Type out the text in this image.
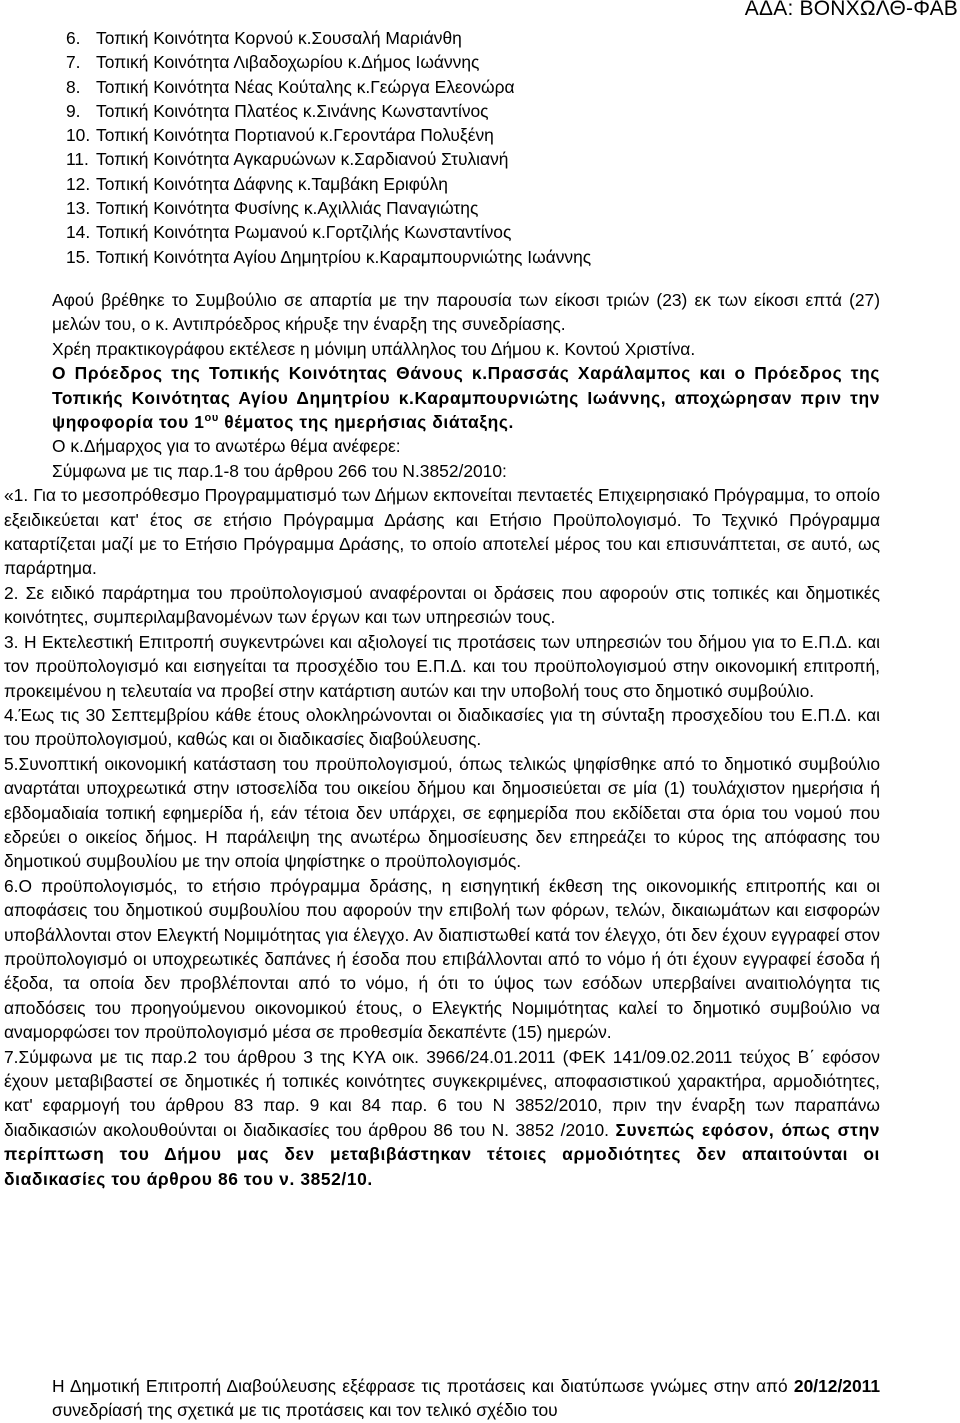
ΑΔΑ: ΒΟΝΧΩΛΘ-ΦΑΒ
6. Τοπική Κοινότητα Κορνού κ.Σουσαλή Μαριάνθη
7. Τοπική Κοινότητα Λιβαδοχωρίου κ.Δήμος Ιωάννης
8. Τοπική Κοινότητα Νέας Κούταλης κ.Γεώργα Ελεονώρα
9. Τοπική Κοινότητα Πλατέος κ.Σινάνης Κωνσταντίνος
10. Τοπική Κοινότητα Πορτιανού κ.Γεροντάρα Πολυξένη
11. Τοπική Κοινότητα Αγκαρυώνων κ.Σαρδιανού Στυλιανή
12. Τοπική Κοινότητα Δάφνης κ.Ταμβάκη Εριφύλη
13. Τοπική Κοινότητα Φυσίνης κ.Αχιλλιάς Παναγιώτης
14. Τοπική Κοινότητα Ρωμανού κ.Γορτζιλής Κωνσταντίνος
15. Τοπική Κοινότητα Αγίου Δημητρίου κ.Καραμπουρνιώτης Ιωάννης

Αφού βρέθηκε το Συμβούλιο σε απαρτία με την παρουσία των είκοσι τριών (23) εκ των είκοσι επτά (27) μελών του, ο κ. Αντιπρόεδρος κήρυξε την έναρξη της συνεδρίασης.

Χρέη πρακτικογράφου εκτέλεσε η μόνιμη υπάλληλος του Δήμου κ. Κοντού Χριστίνα.

Ο Πρόεδρος της Τοπικής Κοινότητας Θάνους κ.Πρασσάς Χαράλαμπος και ο Πρόεδρος της Τοπικής Κοινότητας Αγίου Δημητρίου κ.Καραμπουρνιώτης Ιωάννης, αποχώρησαν πριν την ψηφοφορία του $1^{o\upsilon}$ θέματος της ημερήσιας διάταξης.

Ο κ.Δήμαρχος για το ανωτέρω θέμα ανέφερε:

Σύμφωνα με τις παρ.1-8 του άρθρου 266 του Ν.3852/2010:

«1. Για το μεσοπρόθεσμο Προγραμματισμό των Δήμων εκπονείται πενταετές Επιχειρησιακό Πρόγραμμα, το οποίο εξειδικεύεται κατ' έτος σε ετήσιο Πρόγραμμα Δράσης και Ετήσιο Προϋπολογισμό. Το Τεχνικό Πρόγραμμα καταρτίζεται μαζί με το Ετήσιο Πρόγραμμα Δράσης, το οποίο αποτελεί μέρος του και επισυνάπτεται, σε αυτό, ως παράρτημα.

2. Σε ειδικό παράρτημα του προϋπολογισμού αναφέρονται οι δράσεις που αφορούν στις τοπικές και δημοτικές κοινότητες, συμπεριλαμβανομένων των έργων και των υπηρεσιών τους.

3. Η Εκτελεστική Επιτροπή συγκεντρώνει και αξιολογεί τις προτάσεις των υπηρεσιών του δήμου για το Ε.Π.Δ. και τον προϋπολογισμό και εισηγείται τα προσχέδιο του Ε.Π.Δ. και του προϋπολογισμού στην οικονομική επιτροπή, προκειμένου η τελευταία να προβεί στην κατάρτιση αυτών και την υποβολή τους στο δημοτικό συμβούλιο.

4.Έως τις 30 Σεπτεμβρίου κάθε έτους ολοκληρώνονται οι διαδικασίες για τη σύνταξη προσχεδίου του Ε.Π.Δ. και του προϋπολογισμού, καθώς και οι διαδικασίες διαβούλευσης.

5.Συνοπτική οικονομική κατάσταση του προϋπολογισμού, όπως τελικώς ψηφίσθηκε από το δημοτικό συμβούλιο αναρτάται υποχρεωτικά στην ιστοσελίδα του οικείου δήμου και δημοσιεύεται σε μία (1) τουλάχιστον ημερήσια ή εβδομαδιαία τοπική εφημερίδα ή, εάν τέτοια δεν υπάρχει, σε εφημερίδα που εκδίδεται στα όρια του νομού που εδρεύει ο οικείος δήμος. Η παράλειψη της ανωτέρω δημοσίευσης δεν επηρεάζει το κύρος της απόφασης του δημοτικού συμβουλίου με την οποία ψηφίστηκε ο προϋπολογισμός.

6.Ο προϋπολογισμός, το ετήσιο πρόγραμμα δράσης, η εισηγητική έκθεση της οικονομικής επιτροπής και οι αποφάσεις του δημοτικού συμβουλίου που αφορούν την επιβολή των φόρων, τελών, δικαιωμάτων και εισφορών υποβάλλονται στον Ελεγκτή Νομιμότητας για έλεγχο. Αν διαπιστωθεί κατά τον έλεγχο, ότι δεν έχουν εγγραφεί στον προϋπολογισμό οι υποχρεωτικές δαπάνες ή έσοδα που επιβάλλονται από το νόμο ή ότι έχουν εγγραφεί έσοδα ή έξοδα, τα οποία δεν προβλέπονται από το νόμο, ή ότι το ύψος των εσόδων υπερβαίνει αναιτιολόγητα τις αποδόσεις του προηγούμενου οικονομικού έτους, ο Ελεγκτής Νομιμότητας καλεί το δημοτικό συμβούλιο να αναμορφώσει τον προϋπολογισμό μέσα σε προθεσμία δεκαπέντε (15) ημερών.

7.Σύμφωνα με τις παρ.2 του άρθρου 3 της ΚΥΑ οικ. 3966/24.01.2011 (ΦΕΚ 141/09.02.2011 τεύχος Β΄ εφόσον έχουν μεταβιβαστεί σε δημοτικές ή τοπικές κοινότητες συγκεκριμένες, αποφασιστικού χαρακτήρα, αρμοδιότητες, κατ' εφαρμογή του άρθρου 83 παρ. 9 και 84 παρ. 6 του Ν 3852/2010, πριν την έναρξη των παραπάνω διαδικασιών ακολουθούνται οι διαδικασίες του άρθρου 86 του Ν. 3852 /2010. Συνεπώς εφόσον, όπως στην περίπτωση του Δήμου μας δεν μεταβιβάστηκαν τέτοιες αρμοδιότητες δεν απαιτούνται οι διαδικασίες του άρθρου 86 του ν. 3852/10.

Η Δημοτική Επιτροπή Διαβούλευσης εξέφρασε τις προτάσεις και διατύπωσε γνώμες στην από 20/12/2011 συνεδρίασή της σχετικά με τις προτάσεις και τον τελικό σχέδιο του
